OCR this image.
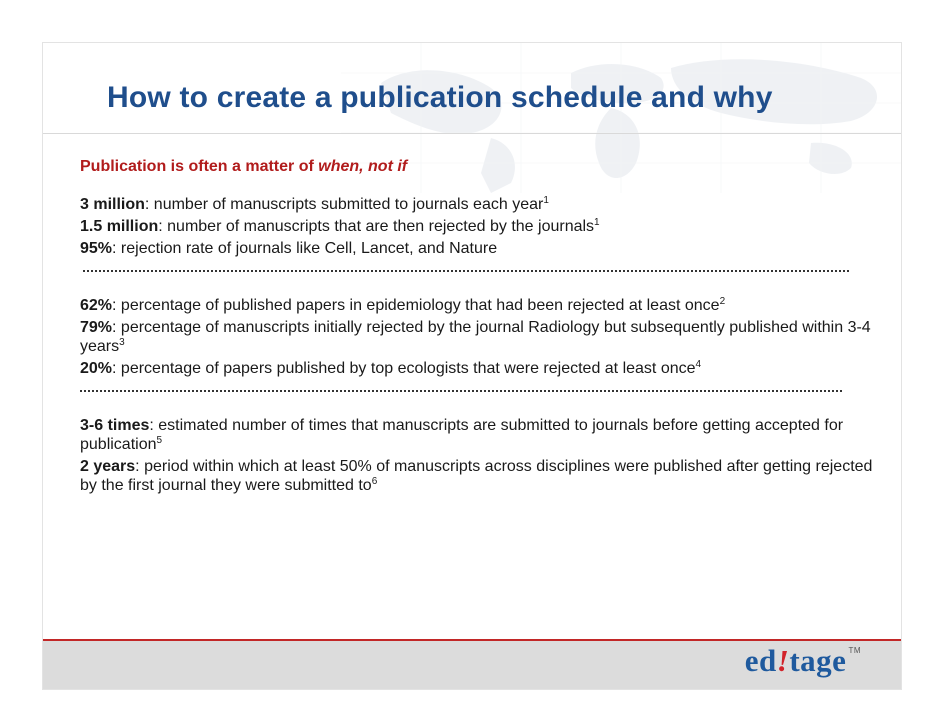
How to create a publication schedule and why

Publication is often a matter of when, not if

3 million: number of manuscripts submitted to journals each year$^1$

1.5 million: number of manuscripts that are then rejected by the journals$^1$

95%: rejection rate of journals like Cell, Lancet, and Nature

62%: percentage of published papers in epidemiology that had been rejected at least once$^2$

79%: percentage of manuscripts initially rejected by the journal Radiology but subsequently published within 3-4 years$^3$

20%: percentage of papers published by top ecologists that were rejected at least once$^4$

3-6 times: estimated number of times that manuscripts are submitted to journals before getting accepted for publication$^5$

2 years: period within which at least 50% of manuscripts across disciplines were published after getting rejected by the first journal they were submitted $to^6$

ed!tage ™
